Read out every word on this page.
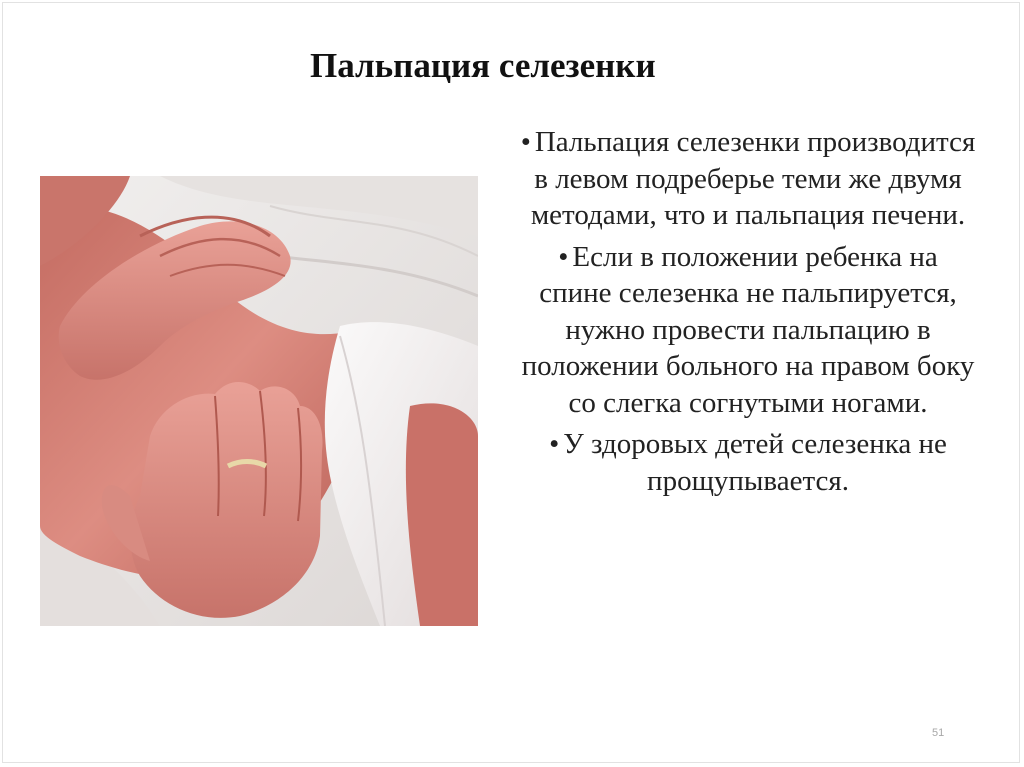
Пальпация селезенки
• Пальпация селезенки производится в левом подреберье теми же двумя методами, что и пальпация печени.
• Если в положении ребенка на спине селезенка не пальпируется, нужно провести пальпацию в положении больного на правом боку со слегка согнутыми ногами.
• У здоровых детей селезенка не прощупывается.
51
